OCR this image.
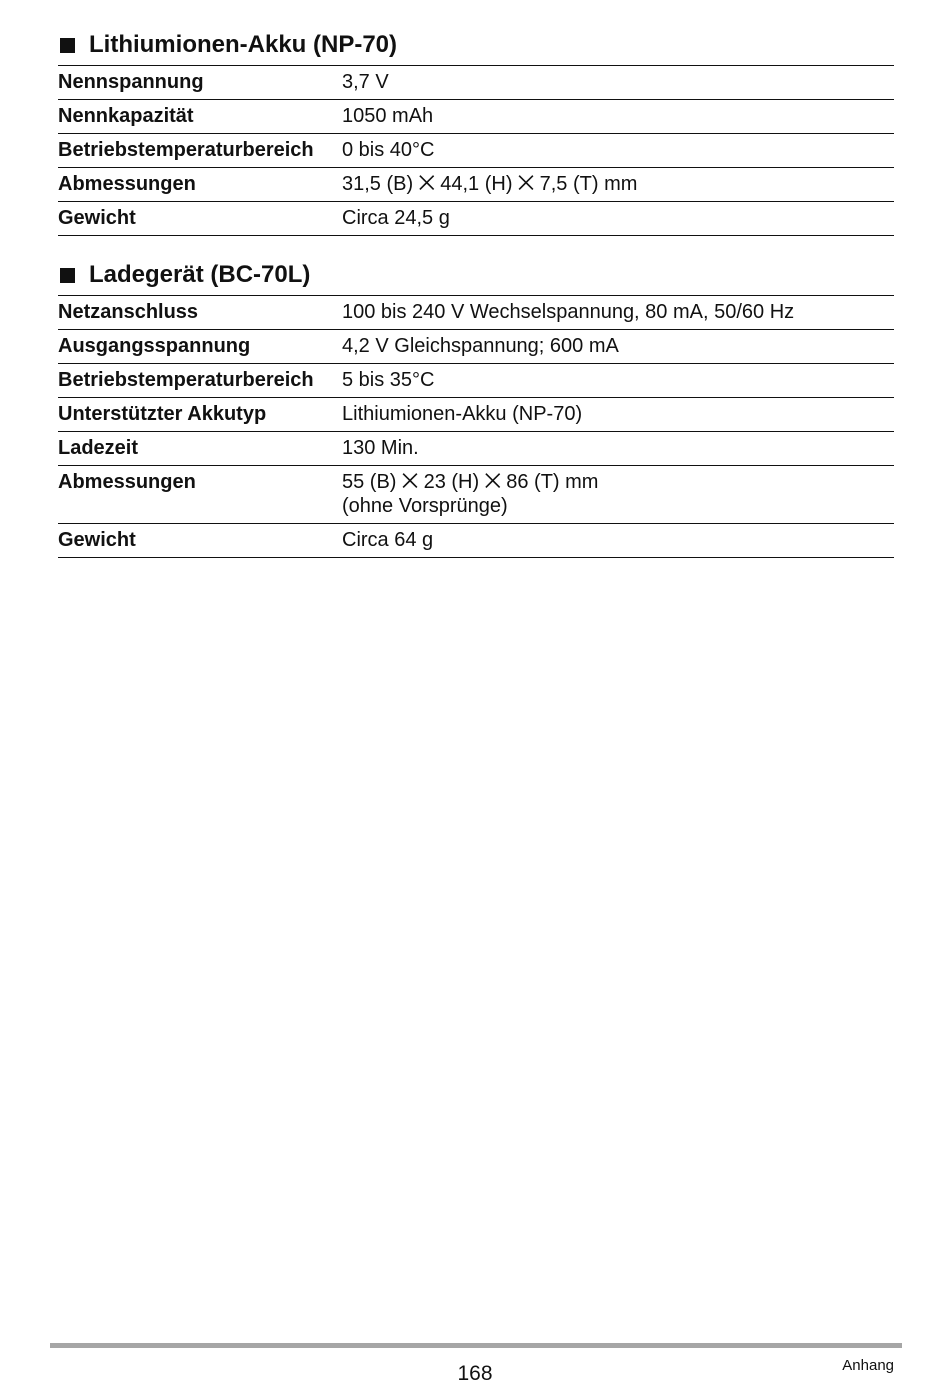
Lithiumionen-Akku (NP-70)
Nennspannung	3,7 V

Nennkapazität	1050 mAh

Betriebstemperaturbereich	0 bis 40°C

Abmessungen	31,5 (B) ⨉ 44,1 (H) ⨉ 7,5 (T) mm

Gewicht	Circa 24,5 g
Ladegerät (BC-70L)
Netzanschluss	100 bis 240 V Wechselspannung, 80 mA, 50/60 Hz

Ausgangsspannung	4,2 V Gleichspannung; 600 mA

Betriebstemperaturbereich	5 bis 35°C

Unterstützter Akkutyp	Lithiumionen-Akku (NP-70)

Ladezeit	130 Min.

Abmessungen	55 (B) ⨉ 23 (H) ⨉ 86 (T) mm
(ohne Vorsprünge)

Gewicht	Circa 64 g
168	Anhang
